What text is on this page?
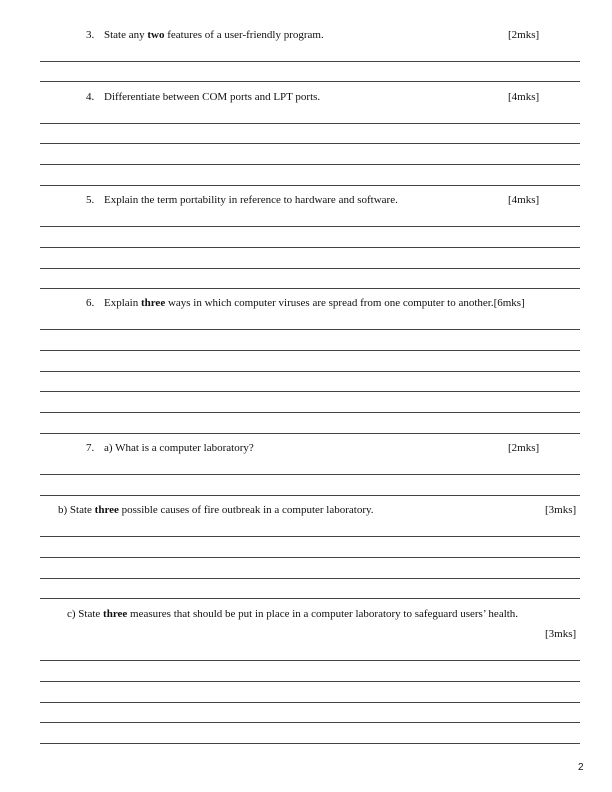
3. State any two features of a user-friendly program.	[2mks]
4. Differentiate between COM ports and LPT ports.	[4mks]
5. Explain the term portability in reference to hardware and software.	[4mks]
6. Explain three ways in which computer viruses are spread from one computer to another.[6mks]
7. a) What is a computer laboratory?	[2mks]
b) State three possible causes of fire outbreak in a computer laboratory.	[3mks]
c) State three measures that should be put in place in a computer laboratory to safeguard users’ health.
[3mks]
2
